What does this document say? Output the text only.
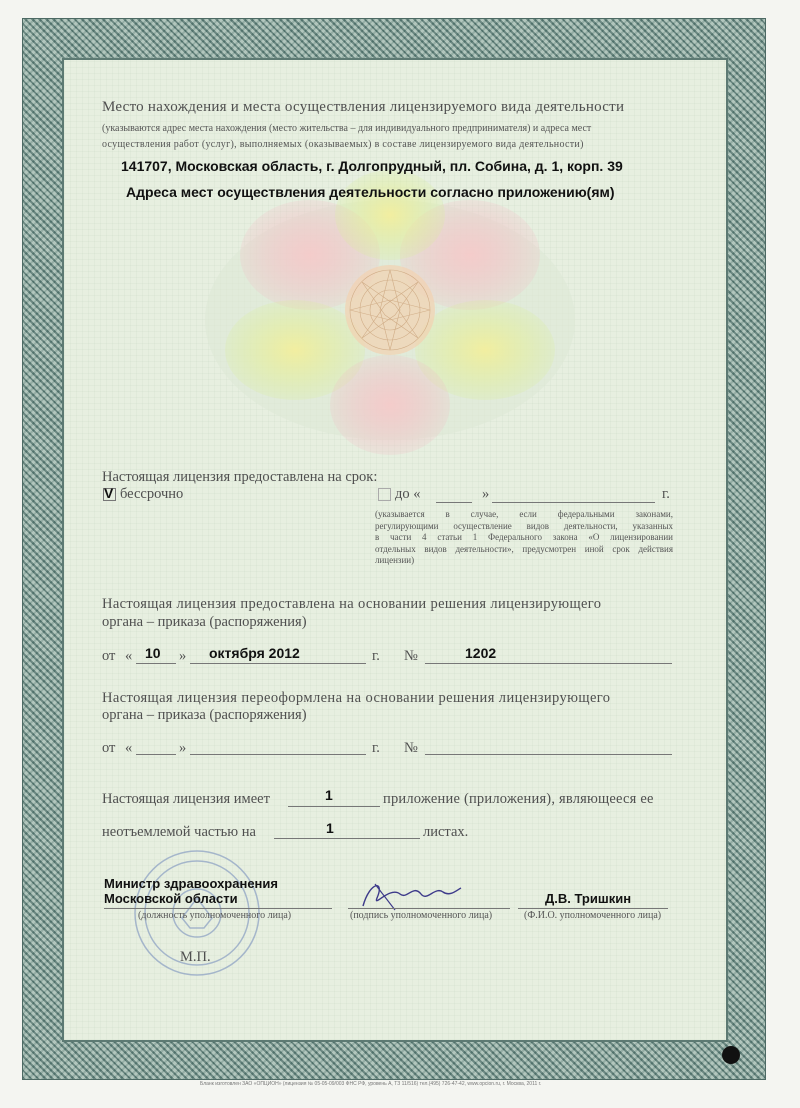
Место нахождения и места осуществления лицензируемого вида деятельности
(указываются адрес места нахождения (место жительства – для индивидуального предпринимателя) и адреса мест
осуществления работ (услуг), выполняемых (оказываемых) в составе лицензируемого вида деятельности)
141707, Московская область, г. Долгопрудный, пл. Собина, д. 1, корп. 39
Адреса мест осуществления деятельности согласно приложению(ям)
Настоящая лицензия предоставлена на срок:
V бессрочно	до «	»	г.
(указывается в случае, если федеральными законами,
регулирующими осуществление видов деятельности, указанных
в части 4 статьи 1 Федерального закона «О лицензировании
отдельных видов деятельности», предусмотрен иной срок действия
лицензии)
Настоящая лицензия предоставлена на основании решения лицензирующего
органа – приказа (распоряжения)
от « 10 » октября 2012	г. №	1202
Настоящая лицензия переоформлена на основании решения лицензирующего
органа – приказа (распоряжения)
от «	»	г. №
Настоящая лицензия имеет	1	приложение (приложения), являющееся ее
неотъемлемой частью на	1	листах.
Министр здравоохранения
Московской области
(должность уполномоченного лица)	(подпись уполномоченного лица)
Д.В. Тришкин
(Ф.И.О. уполномоченного лица)
М.П.
Бланк изготовлен ЗАО «ОПЦИОН» (лицензия № 05-05-09/003 ФНС РФ, уровень А, ТЗ 11/516) тел.(495) 726-47-42, www.opcion.ru, г. Москва, 2011 г.
